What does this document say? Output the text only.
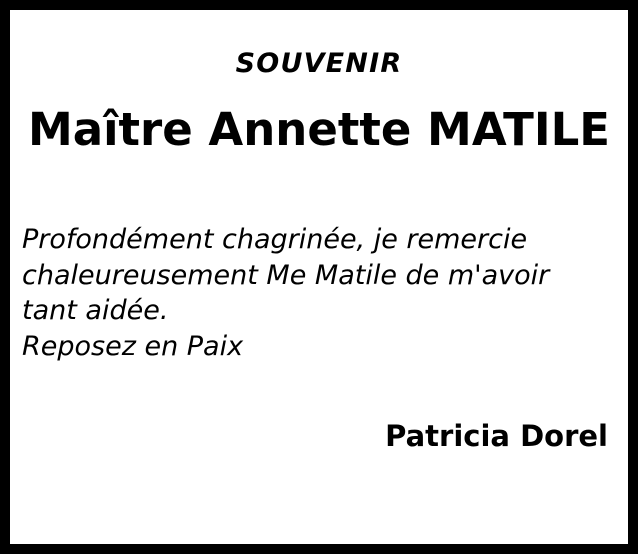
SOUVENIR
Maître Annette MATILE

Profondément chagrinée, je remercie

chaleureusement Me Matile de m'avoir

tant aidée.

Reposez en Paix

Patricia Dorel
